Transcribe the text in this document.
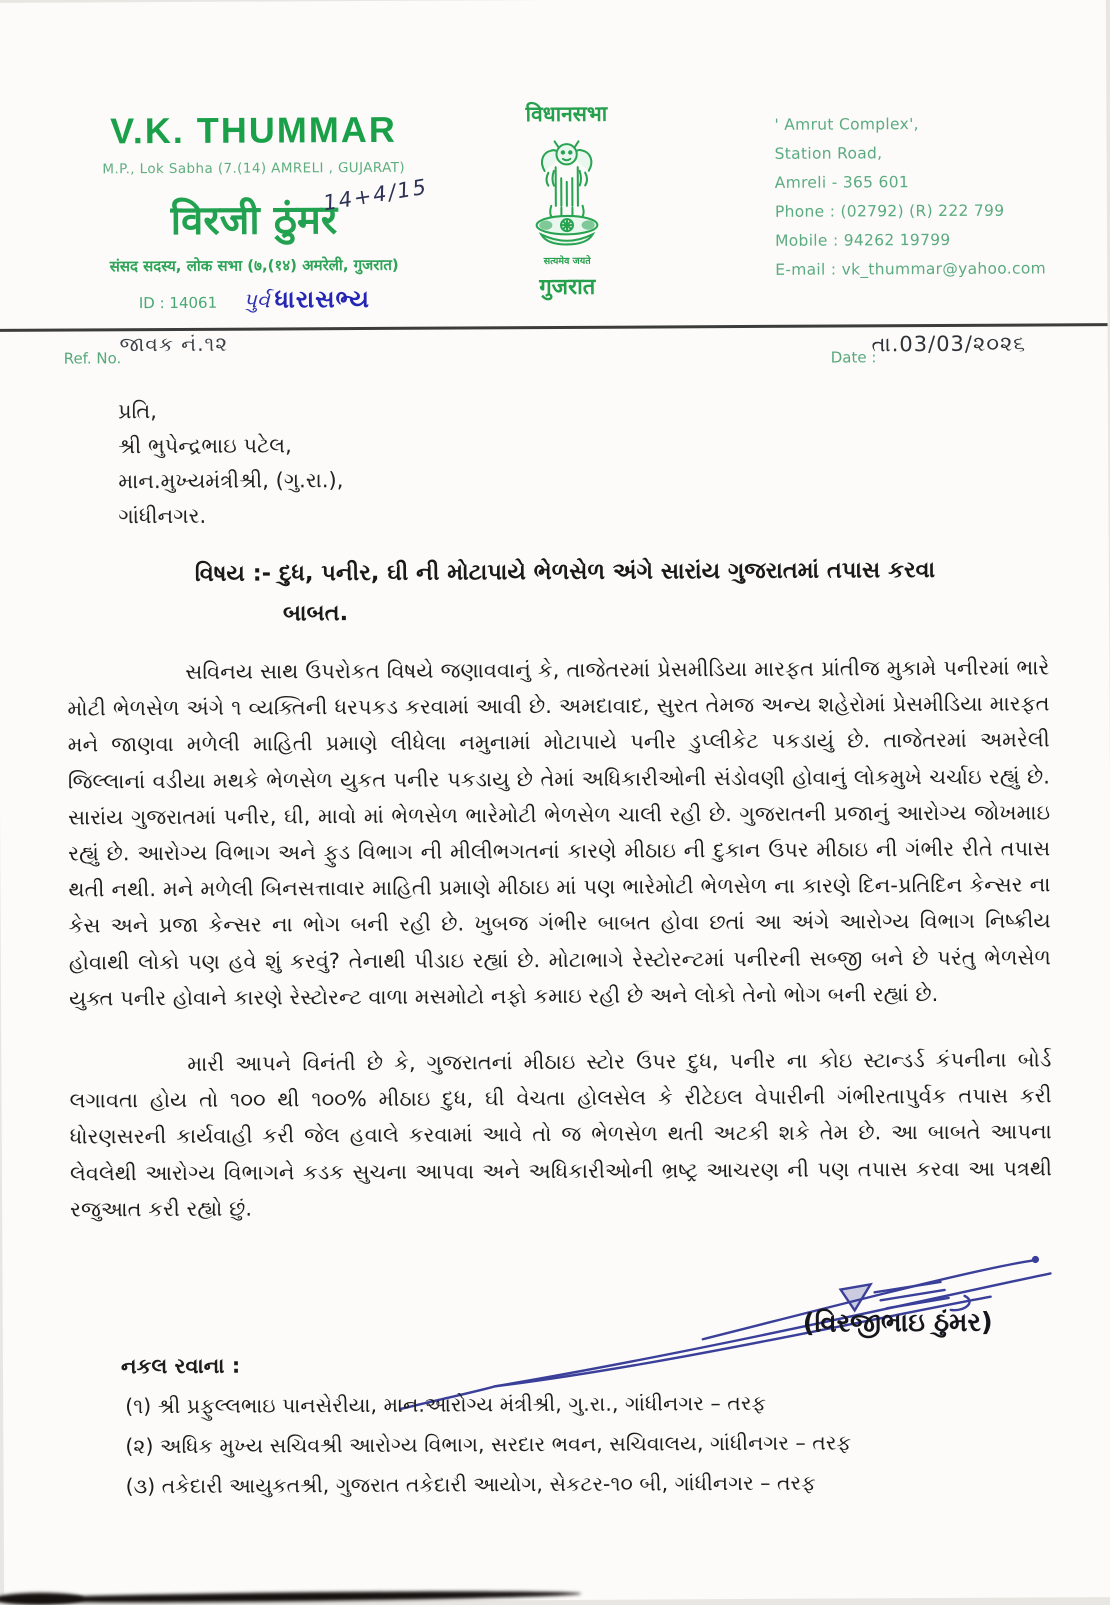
V.K. THUMMAR
M.P., Lok Sabha (7.(14) AMRELI , GUJARAT)
विरजी ठुंमर
संसद सदस्य, लोक सभा (७,(१४) अमरेली, गुजरात)
ID : 14061 પુર્વ ધારાસભ્ય
14+4/15
विधानसभा
सत्यमेव जयते
गुजरात
' Amrut Complex',
Station Road,
Amreli - 365 601
Phone : (02792) (R) 222 799
Mobile : 94262 19799
E-mail : vk_thummar@yahoo.com
જાવક નં.૧૨
Ref. No.	Date :
તા.03/03/૨૦૨૬
પ્રતિ,
શ્રી ભુપેન્દ્રભાઇ પટેલ,
માન.મુખ્યમંત્રીશ્રી, (ગુ.રા.),
ગાંધીનગર.
વિષય :- દુધ, પનીર, ઘી ની મોટાપાયે ભેળસેળ અંગે સારાંય ગુજરાતમાં તપાસ કરવા
બાબત.

સવિનય સાથ ઉપરોકત વિષયે જણાવવાનું કે, તાજેતરમાં પ્રેસમીડિયા મારફત પ્રાંતીજ મુકામે પનીરમાં ભારે મોટી ભેળસેળ અંગે ૧ વ્યક્તિની ધરપકડ કરવામાં આવી છે. અમદાવાદ, સુરત તેમજ અન્ય શહેરોમાં પ્રેસમીડિયા મારફત મને જાણવા મળેલી માહિતી પ્રમાણે લીધેલા નમુનામાં મોટાપાયે પનીર ડુપ્લીકેટ પકડાયું છે. તાજેતરમાં અમરેલી જિલ્લાનાં વડીયા મથકે ભેળસેળ યુકત પનીર પકડાયુ છે તેમાં અધિકારીઓની સંડોવણી હોવાનું લોકમુખે ચર્ચાઇ રહ્યું છે. સારાંય ગુજરાતમાં પનીર, ઘી, માવો માં ભેળસેળ ભારેમોટી ભેળસેળ ચાલી રહી છે. ગુજરાતની પ્રજાનું આરોગ્ય જોખમાઇ રહ્યું છે. આરોગ્ય વિભાગ અને ફુડ વિભાગ ની મીલીભગતનાં કારણે મીઠાઇ ની દુકાન ઉપર મીઠાઇ ની ગંભીર રીતે તપાસ થતી નથી. મને મળેલી બિનસત્તાવાર માહિતી પ્રમાણે મીઠાઇ માં પણ ભારેમોટી ભેળસેળ ના કારણે દિન-પ્રતિદિન કેન્સર ના કેસ અને પ્રજા કેન્સર ના ભોગ બની રહી છે. ખુબજ ગંભીર બાબત હોવા છતાં આ અંગે આરોગ્ય વિભાગ નિષ્ક્રીય હોવાથી લોકો પણ હવે શું કરવું? તેનાથી પીડાઇ રહ્યાં છે. મોટાભાગે રેસ્ટોરન્ટમાં પનીરની સબ્જી બને છે પરંતુ ભેળસેળ યુક્ત પનીર હોવાને કારણે રેસ્ટોરન્ટ વાળા મસમોટો નફો કમાઇ રહી છે અને લોકો તેનો ભોગ બની રહ્યાં છે.

મારી આપને વિનંતી છે કે, ગુજરાતનાં મીઠાઇ સ્ટોર ઉપર દુધ, પનીર ના કોઇ સ્ટાન્ડર્ડ કંપનીના બોર્ડ લગાવતા હોય તો ૧૦૦ થી ૧૦૦% મીઠાઇ દુધ, ઘી વેચતા હોલસેલ કે રીટેઇલ વેપારીની ગંભીરતાપુર્વક તપાસ કરી ધોરણસરની કાર્યવાહી કરી જેલ હવાલે કરવામાં આવે તો જ ભેળસેળ થતી અટકી શકે તેમ છે. આ બાબતે આપના લેવલેથી આરોગ્ય વિભાગને કડક સુચના આપવા અને અધિકારીઓની ભ્રષ્ટ્ર આચરણ ની પણ તપાસ કરવા આ પત્રથી રજુઆત કરી રહ્યો છું.

(વિરજીભાઇ ઠુંમર)
નકલ રવાના :
(૧) શ્રી પ્રફુલ્લભાઇ પાનસેરીયા, માન.આરોગ્ય મંત્રીશ્રી, ગુ.રા., ગાંધીનગર – તરફ
(૨) અધિક મુખ્ય સચિવશ્રી આરોગ્ય વિભાગ, સરદાર ભવન, સચિવાલય, ગાંધીનગર – તરફ
(૩) તકેદારી આયુકતશ્રી, ગુજરાત તકેદારી આયોગ, સેકટર-૧૦ બી, ગાંધીનગર – તરફ
